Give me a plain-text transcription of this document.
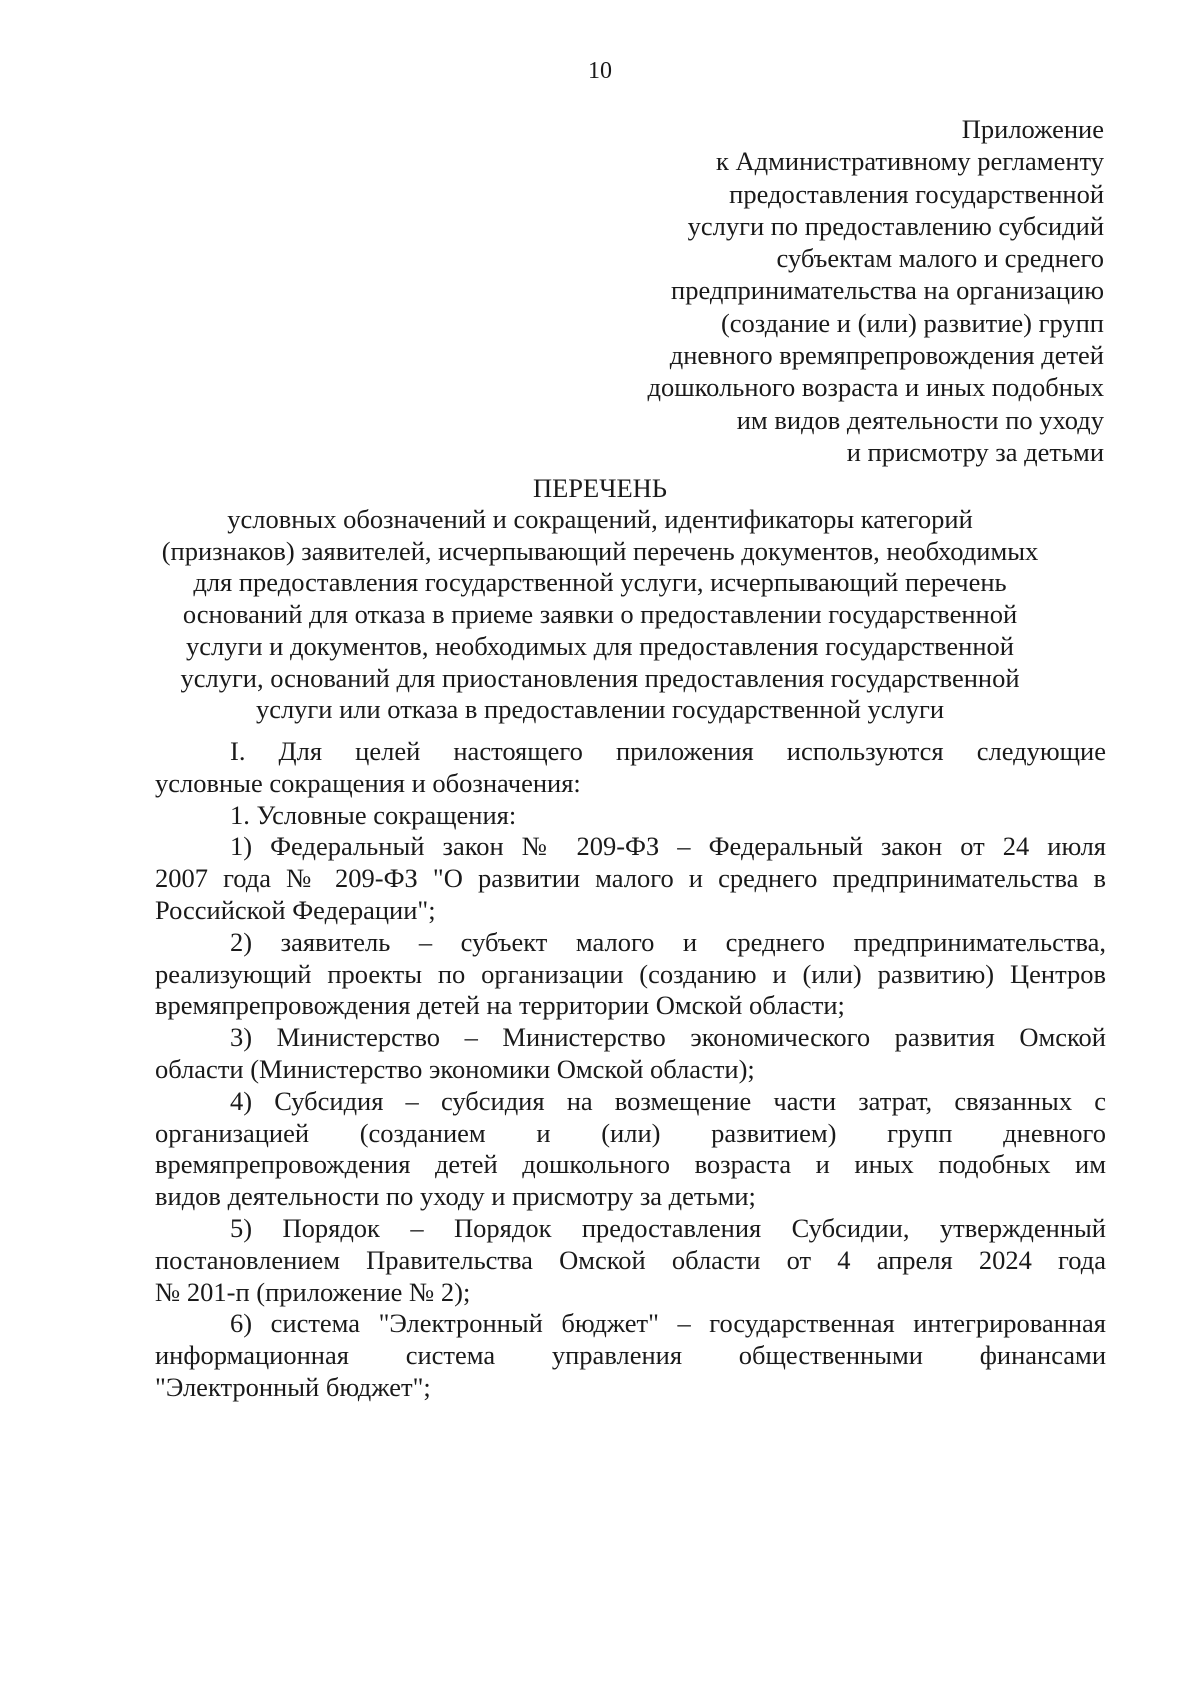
10
Приложение
к Административному регламенту
предоставления государственной
услуги по предоставлению субсидий
субъектам малого и среднего
предпринимательства на организацию
(создание и (или) развитие) групп
дневного времяпрепровождения детей
дошкольного возраста и иных подобных
им видов деятельности по уходу
и присмотру за детьми
ПЕРЕЧЕНЬ
условных обозначений и сокращений, идентификаторы категорий
(признаков) заявителей, исчерпывающий перечень документов, необходимых
для предоставления государственной услуги, исчерпывающий перечень
оснований для отказа в приеме заявки о предоставлении государственной
услуги и документов, необходимых для предоставления государственной
услуги, оснований для приостановления предоставления государственной
услуги или отказа в предоставлении государственной услуги
I. Для целей настоящего приложения используются следующие
условные сокращения и обозначения:
1. Условные сокращения:
1) Федеральный закон № 209-ФЗ – Федеральный закон от 24 июля
2007 года № 209-ФЗ "О развитии малого и среднего предпринимательства в
Российской Федерации";
2) заявитель – субъект малого и среднего предпринимательства,
реализующий проекты по организации (созданию и (или) развитию) Центров
времяпрепровождения детей на территории Омской области;
3) Министерство – Министерство экономического развития Омской
области (Министерство экономики Омской области);
4) Субсидия – субсидия на возмещение части затрат, связанных с
организацией (созданием и (или) развитием) групп дневного
времяпрепровождения детей дошкольного возраста и иных подобных им
видов деятельности по уходу и присмотру за детьми;
5) Порядок – Порядок предоставления Субсидии, утвержденный
постановлением Правительства Омской области от 4 апреля 2024 года
№ 201-п (приложение № 2);
6) система "Электронный бюджет" – государственная интегрированная
информационная система управления общественными финансами
"Электронный бюджет";
